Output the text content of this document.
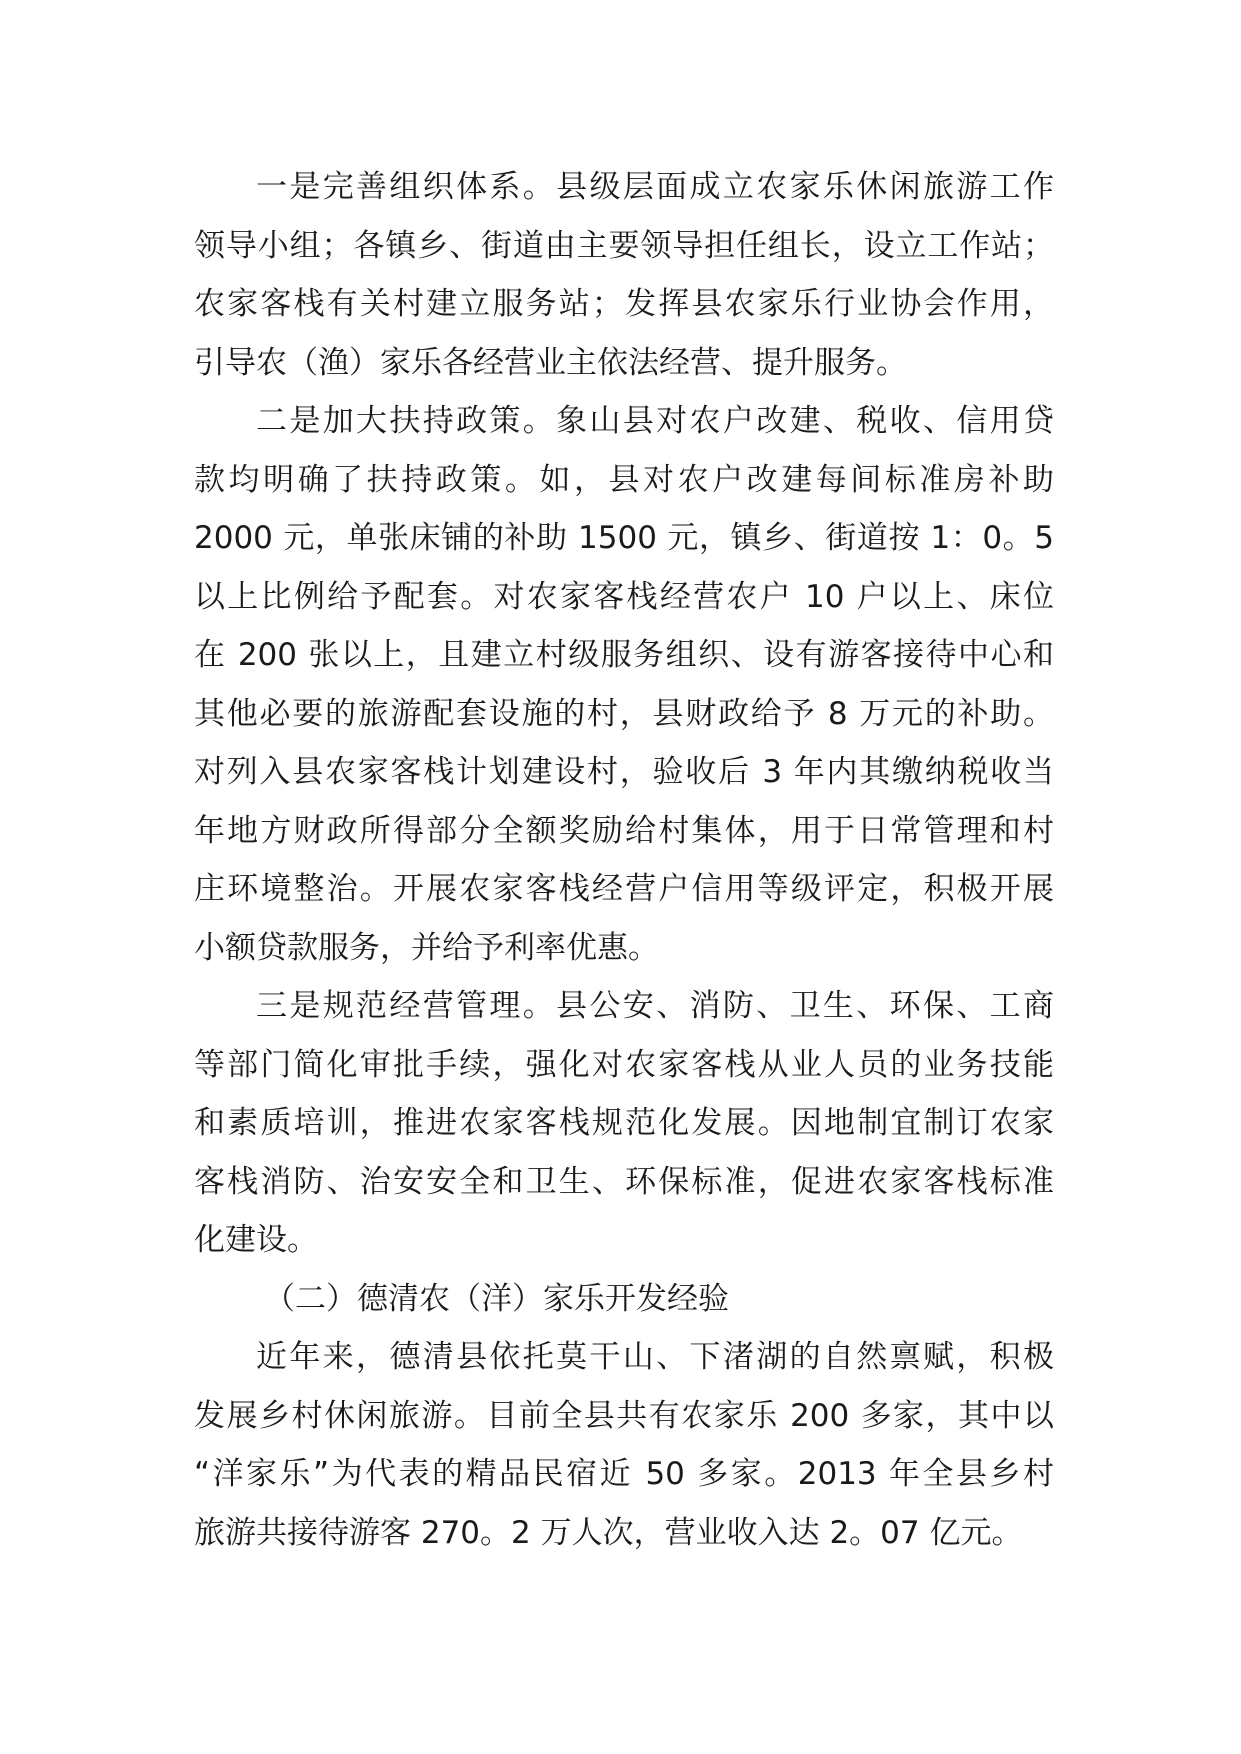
一是完善组织体系。县级层面成立农家乐休闲旅游工作
领导小组；各镇乡、街道由主要领导担任组长，设立工作站；
农家客栈有关村建立服务站；发挥县农家乐行业协会作用，
引导农（渔）家乐各经营业主依法经营、提升服务。
二是加大扶持政策。象山县对农户改建、税收、信用贷
款均明确了扶持政策。如，县对农户改建每间标准房补助
2000 元，单张床铺的补助 1500 元，镇乡、街道按 1：0。5
以上比例给予配套。对农家客栈经营农户 10 户以上、床位
在 200 张以上，且建立村级服务组织、设有游客接待中心和
其他必要的旅游配套设施的村，县财政给予 8 万元的补助。
对列入县农家客栈计划建设村，验收后 3 年内其缴纳税收当
年地方财政所得部分全额奖励给村集体，用于日常管理和村
庄环境整治。开展农家客栈经营户信用等级评定，积极开展
小额贷款服务，并给予利率优惠。
三是规范经营管理。县公安、消防、卫生、环保、工商
等部门简化审批手续，强化对农家客栈从业人员的业务技能
和素质培训，推进农家客栈规范化发展。因地制宜制订农家
客栈消防、治安安全和卫生、环保标准，促进农家客栈标准
化建设。
（二）德清农（洋）家乐开发经验
近年来，德清县依托莫干山、下渚湖的自然禀赋，积极
发展乡村休闲旅游。目前全县共有农家乐 200 多家，其中以
“洋家乐”为代表的精品民宿近 50 多家。2013 年全县乡村
旅游共接待游客 270。2 万人次，营业收入达 2。07 亿元。
